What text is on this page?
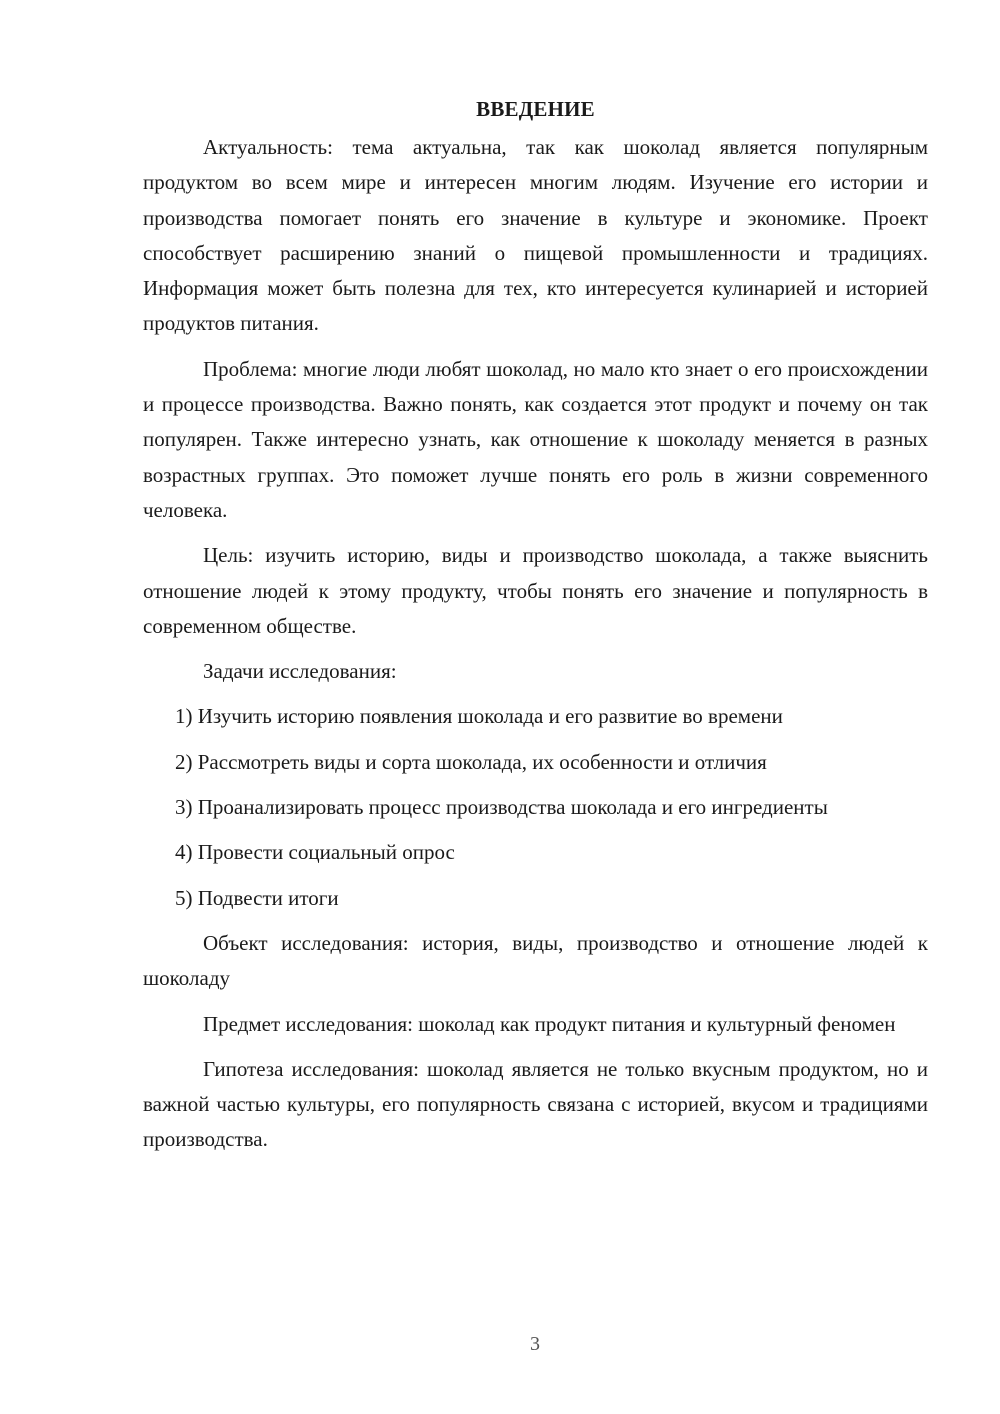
ВВЕДЕНИЕ

Актуальность: тема актуальна, так как шоколад является популярным продуктом во всем мире и интересен многим людям. Изучение его истории и производства помогает понять его значение в культуре и экономике. Проект способствует расширению знаний о пищевой промышленности и традициях. Информация может быть полезна для тех, кто интересуется кулинарией и историей продуктов питания.

Проблема: многие люди любят шоколад, но мало кто знает о его происхождении и процессе производства. Важно понять, как создается этот продукт и почему он так популярен. Также интересно узнать, как отношение к шоколаду меняется в разных возрастных группах. Это поможет лучше понять его роль в жизни современного человека.

Цель: изучить историю, виды и производство шоколада, а также выяснить отношение людей к этому продукту, чтобы понять его значение и популярность в современном обществе.

Задачи исследования:

1) Изучить историю появления шоколада и его развитие во времени

2) Рассмотреть виды и сорта шоколада, их особенности и отличия

3) Проанализировать процесс производства шоколада и его ингредиенты

4) Провести социальный опрос

5) Подвести итоги

Объект исследования: история, виды, производство и отношение людей к шоколаду

Предмет исследования: шоколад как продукт питания и культурный феномен

Гипотеза исследования: шоколад является не только вкусным продуктом, но и важной частью культуры, его популярность связана с историей, вкусом и традициями производства.

3
